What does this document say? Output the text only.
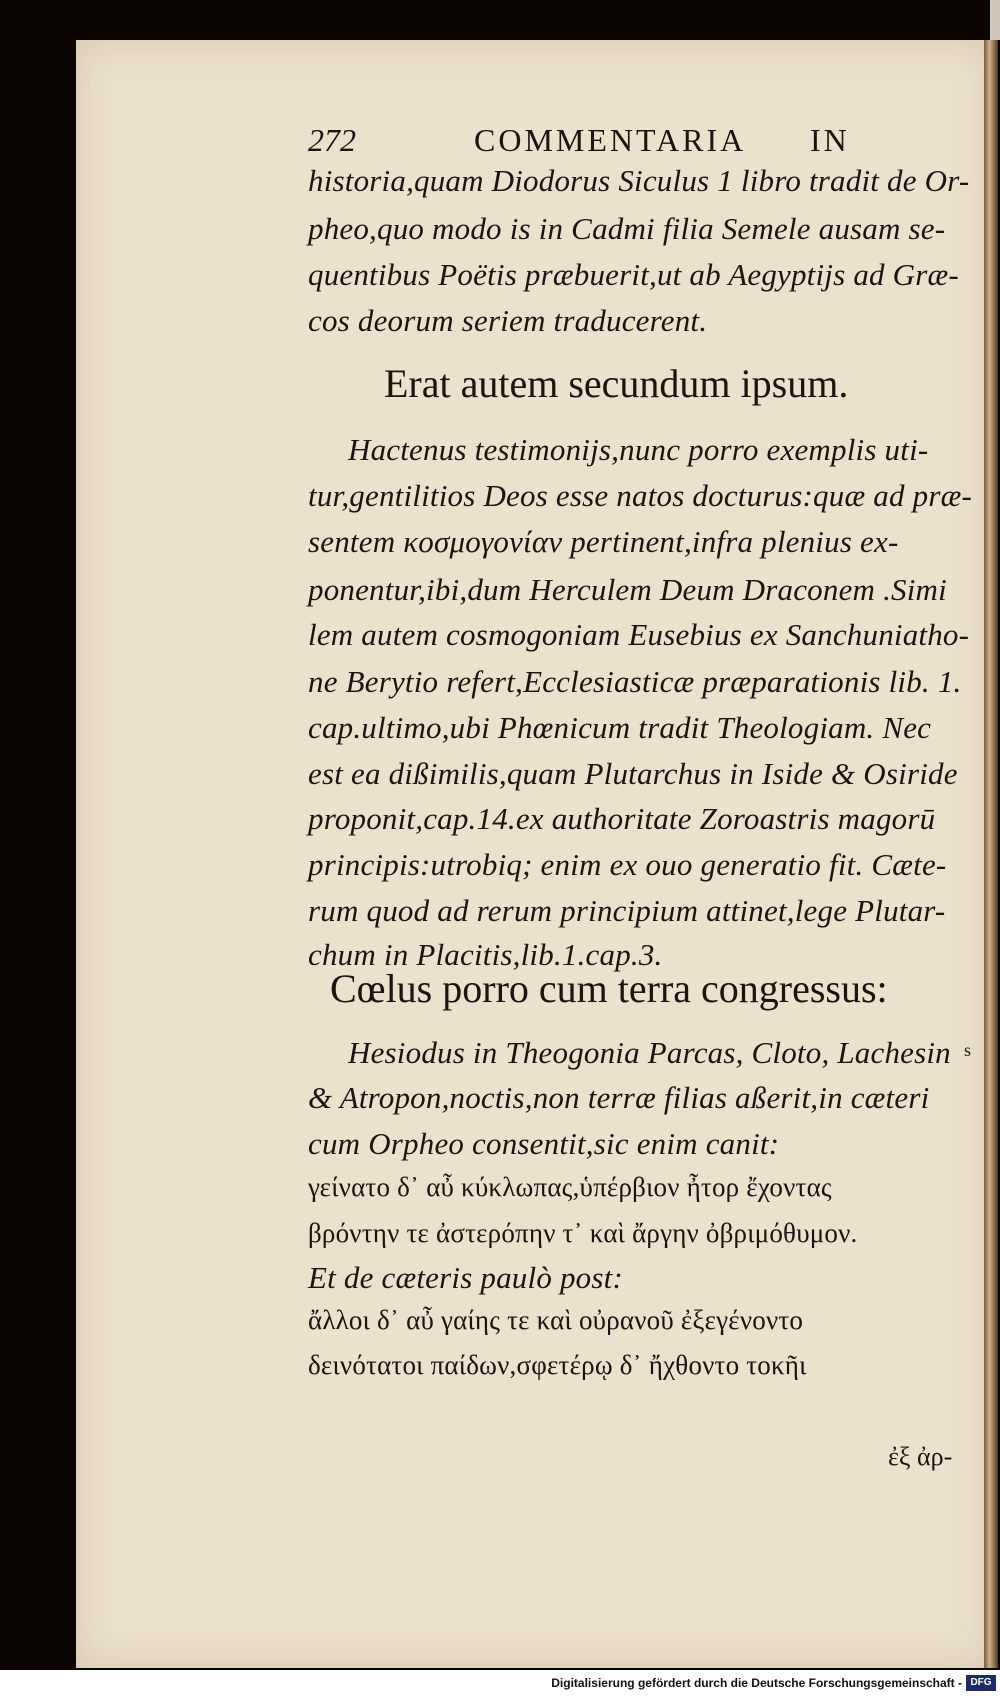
272	COMMENTARIA IN
historia,quam Diodorus Siculus 1 libro tradit de Or-
pheo,quo modo is in Cadmi filia Semele ausam se-
quentibus Poëtis præbuerit,ut ab Aegyptijs ad Græ-
cos deorum seriem traducerent.
Erat autem secundum ipsum.
Hactenus testimonijs,nunc porro exemplis uti-
tur,gentilitios Deos esse natos docturus:quæ ad præ-
sentem κοσμογονίαν pertinent,infra plenius ex-
ponentur,ibi,dum Herculem Deum Draconem .Simi
lem autem cosmogoniam Eusebius ex Sanchuniatho-
ne Berytio refert,Ecclesiasticæ præparationis lib. 1.
cap.ultimo,ubi Phœnicum tradit Theologiam. Nec
est ea dißimilis,quam Plutarchus in Iside & Osiride
proponit,cap.14.ex authoritate Zoroastris magorū
principis:utrobiq; enim ex ouo generatio fit. Cæte-
rum quod ad rerum principium attinet,lege Plutar-
chum in Placitis,lib.1.cap.3.
Cœlus porro cum terra congressus:
Hesiodus in Theogonia Parcas, Cloto, Lachesin
& Atropon,noctis,non terræ filias aßerit,in cæteri
cum Orpheo consentit,sic enim canit:
γείνατο δ᾽ αὖ κύκλωπας,ὑπέρβιον ἦτορ ἔχοντας
βρόντην τε ἀστερόπην τ᾽ καὶ ἄργην ὀβριμόθυμον.
Et de cæteris paulò post:
ἄλλοι δ᾽ αὖ γαίης τε καὶ οὐρανοῦ ἐξεγένοντο
δεινότατοι παίδων,σφετέρῳ δ᾽ ἤχθοντο τοκῆι
s
ἐξ ἀρ-
Digitalisierung gefördert durch die Deutsche Forschungsgemeinschaft - DFG
